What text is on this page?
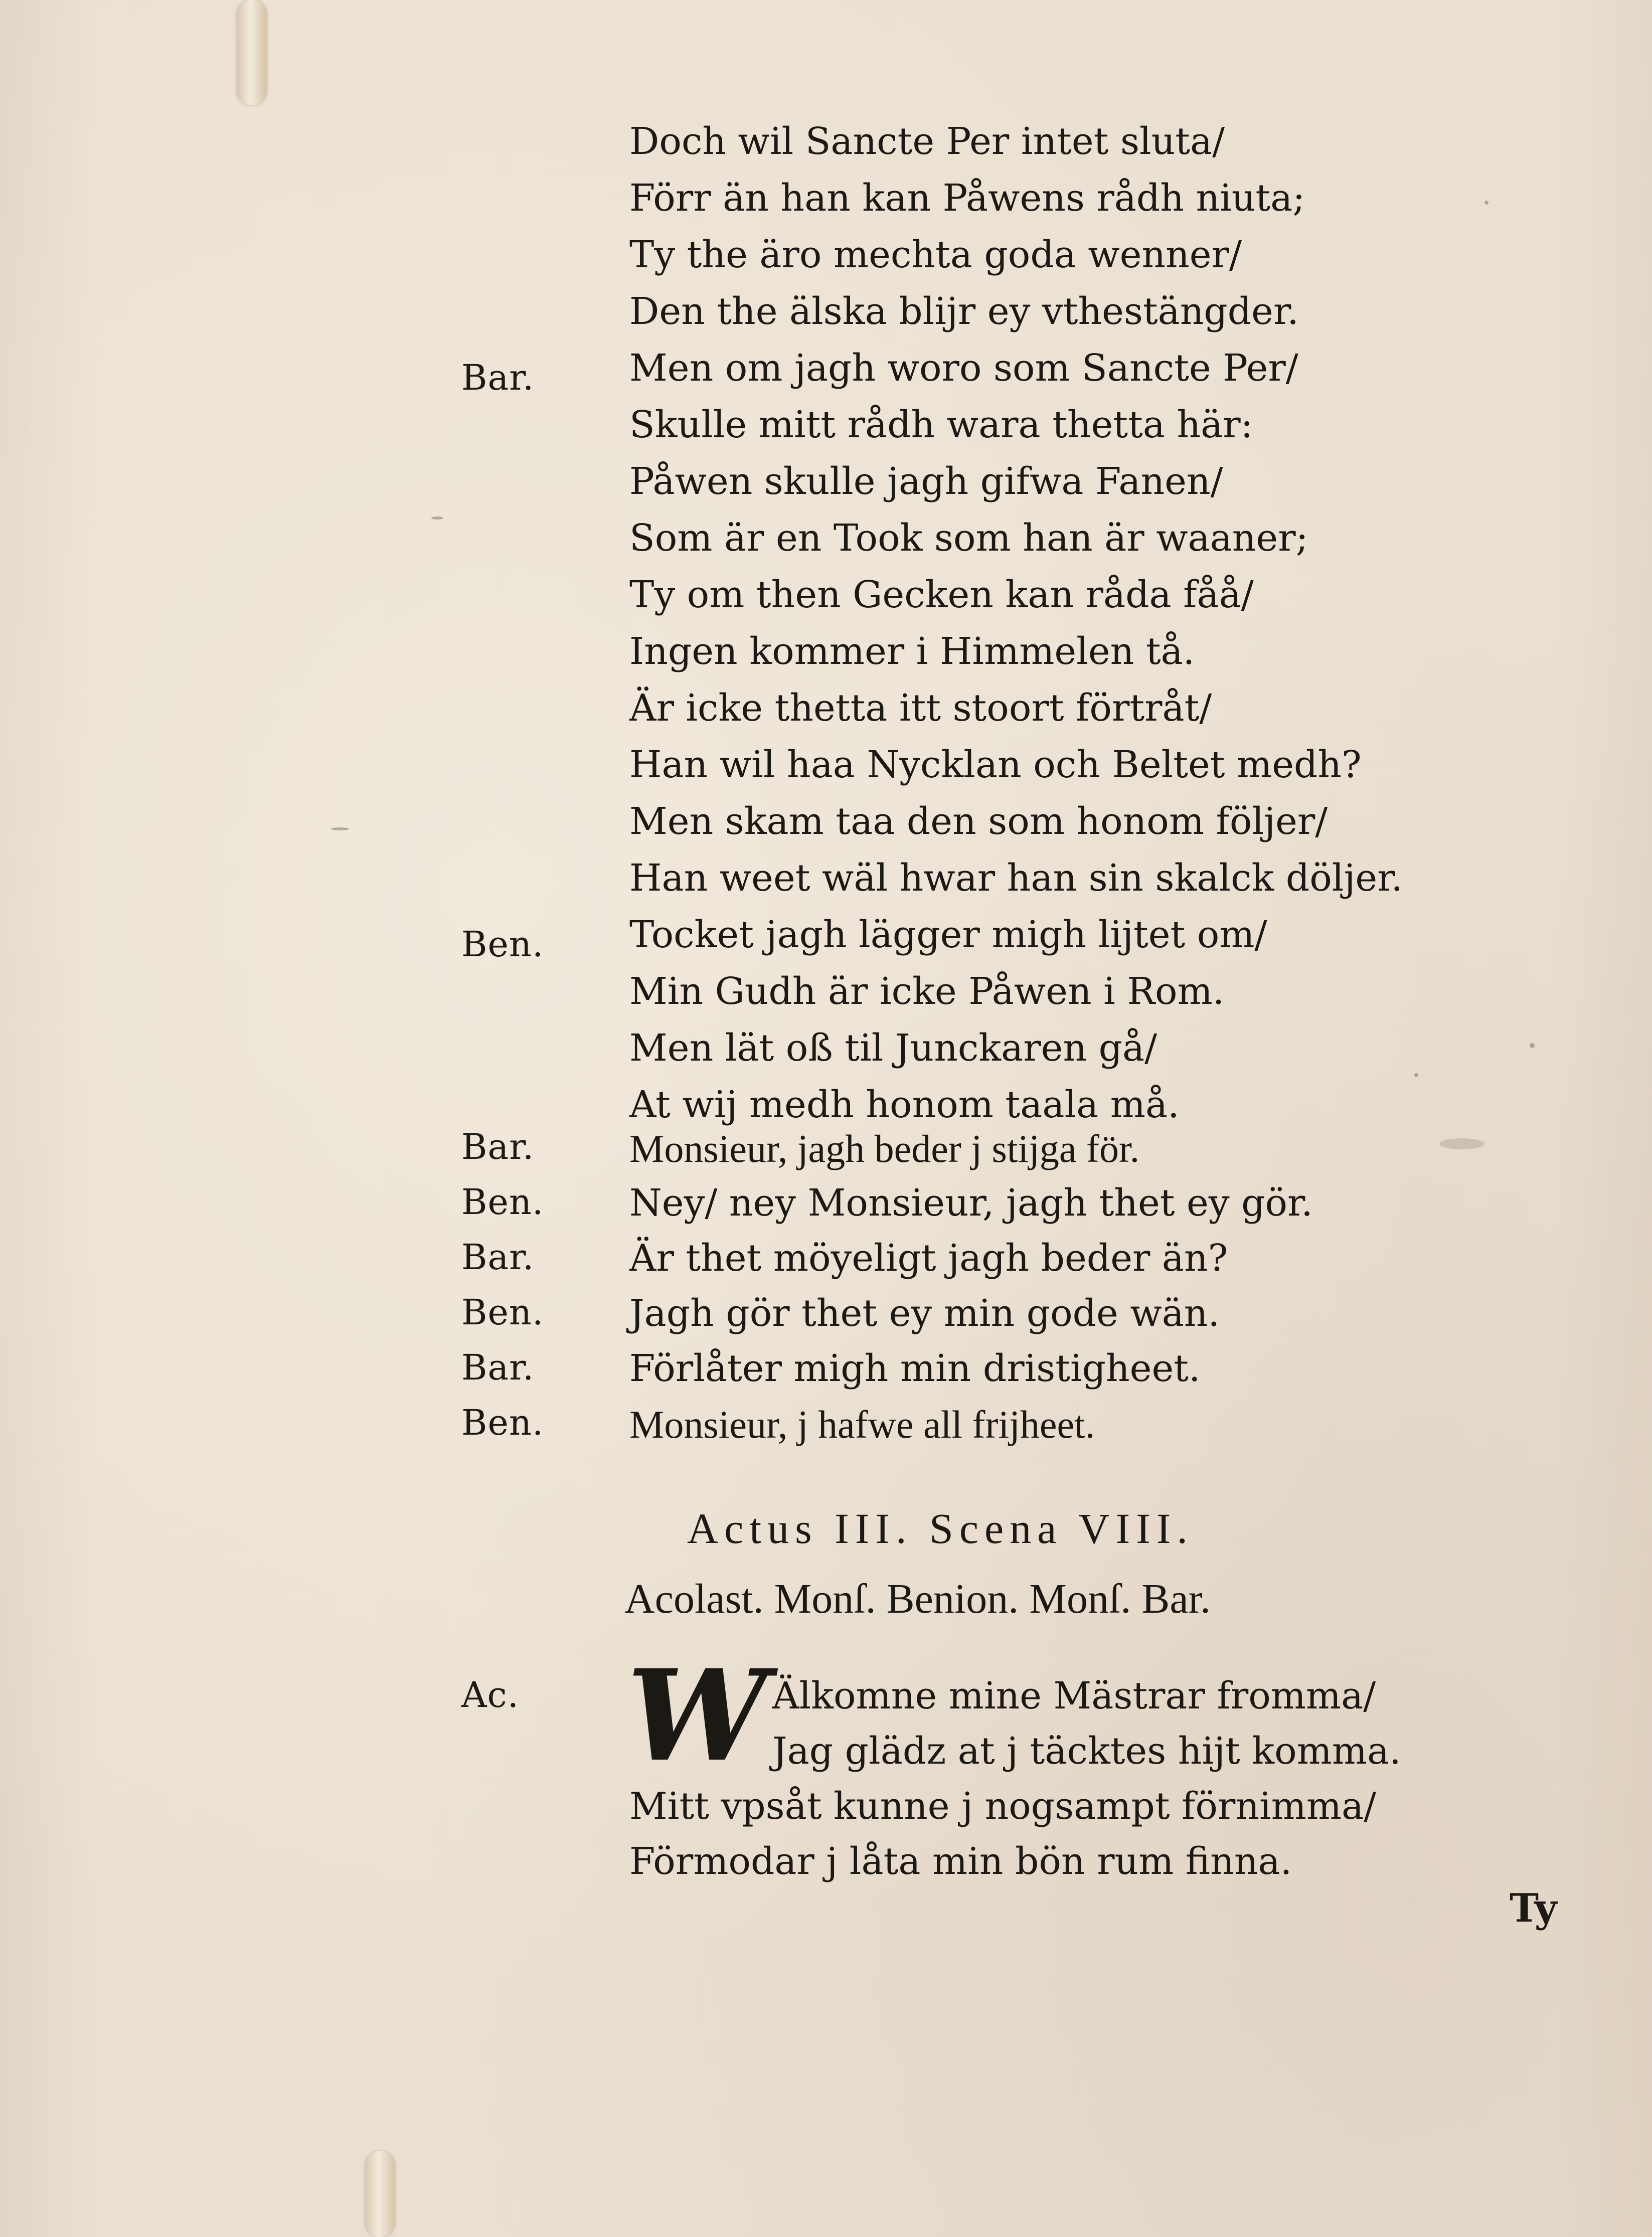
Doch wil Sancte Per intet sluta/
Förr än han kan Påwens rådh niuta;
Ty the äro mechta goda wenner/
Den the älska blijr ey vthestängder.
Bar.	Men om jagh woro som Sancte Per/
Skulle mitt rådh wara thetta här:
Påwen skulle jagh gifwa Fanen/
Som är en Took som han är waaner;
Ty om then Gecken kan råda fåå/
Ingen kommer i Himmelen tå.
Är icke thetta itt stoort förtråt/
Han wil haa Nycklan och Beltet medh?
Men skam taa den som honom följer/
Han weet wäl hwar han sin skalck döljer.
Ben.	Tocket jagh lägger migh lijtet om/
Min Gudh är icke Påwen i Rom.
Men lät oß til Junckaren gå/
At wij medh honom taala må.
Bar.	Monsieur, jagh beder j stijga för.
Ben.	Ney/ ney Monsieur, jagh thet ey gör.
Bar.	Är thet möyeligt jagh beder än?
Ben.	Jagh gör thet ey min gode wän.
Bar.	Förlåter migh min dristigheet.
Ben.	Monsieur, j hafwe all frijheet.
Actus III. Scena VIII.
Acolast. Monſ. Benion. Monſ. Bar.
Ac. W Älkomne mine Mästrar fromma/
Jag glädz at j täcktes hijt komma.
Mitt vpsåt kunne j nogsampt förnimma/
Förmodar j låta min bön rum finna.
Ty
